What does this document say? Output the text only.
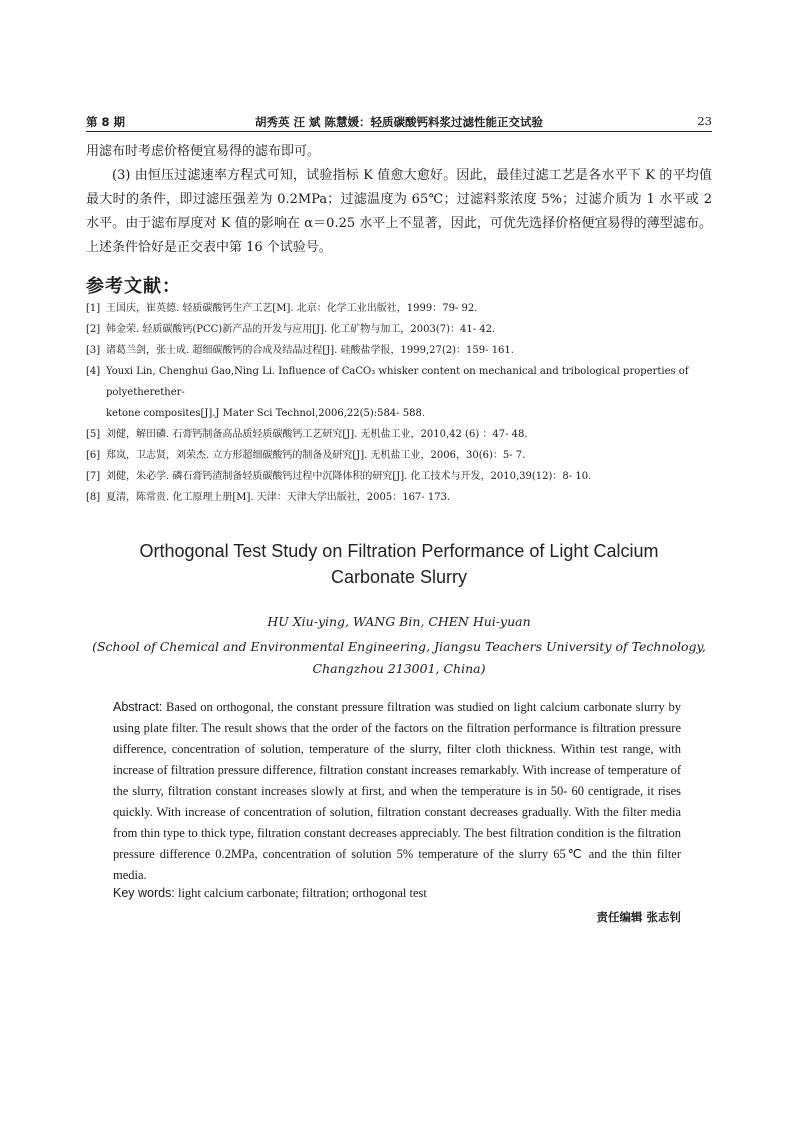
第 8 期	胡秀英 汪 斌 陈慧媛：轻质碳酸钙料浆过滤性能正交试验	23

用滤布时考虑价格便宜易得的滤布即可。

(3) 由恒压过滤速率方程式可知，试验指标 K 值愈大愈好。因此，最佳过滤工艺是各水平下 K 的平均值最大时的条件，即过滤压强差为 0.2MPa；过滤温度为 65℃；过滤料浆浓度 5%；过滤介质为 1 水平或 2 水平。由于滤布厚度对 K 值的影响在 α＝0.25 水平上不显著，因此，可优先选择价格便宜易得的薄型滤布。上述条件恰好是正交表中第 16 个试验号。

参考文献：
[1] 王国庆，崔英德. 轻质碳酸钙生产工艺[M]. 北京：化学工业出版社，1999：79- 92.
[2] 韩金荣. 轻质碳酸钙(PCC)新产品的开发与应用[J]. 化工矿物与加工，2003(7)：41- 42.
[3] 诸葛兰剑，张士成. 超细碳酸钙的合成及结晶过程[J]. 硅酸盐学报，1999,27(2)：159- 161.
[4] Youxi Lin, Chenghui Gao,Ning Li. Influence of CaCO₃ whisker content on mechanical and tribological properties of polyetherether-
ketone composites[J].J Mater Sci Technol,2006,22(5):584- 588.
[5] 刘健，解田磷. 石膏钙制备高品质轻质碳酸钙工艺研究[J]. 无机盐工业，2010,42 (6) ：47- 48.
[6] 郑岚，卫志贤，刘荣杰. 立方形超细碳酸钙的制备及研究[J]. 无机盐工业，2006，30(6)：5- 7.
[7] 刘健，朱必学. 磷石膏钙渣制备轻质碳酸钙过程中沉降体积的研究[J]. 化工技术与开发，2010,39(12)：8- 10.
[8] 夏清，陈常贵. 化工原理上册[M]. 天津：天津大学出版社，2005：167- 173.
Orthogonal Test Study on Filtration Performance of Light Calcium
Carbonate Slurry
HU Xiu-ying, WANG Bin, CHEN Hui-yuan
(School of Chemical and Environmental Engineering, Jiangsu Teachers University of Technology,
Changzhou 213001, China)
Abstract: Based on orthogonal, the constant pressure filtration was studied on light calcium carbonate slurry by using plate filter. The result shows that the order of the factors on the filtration performance is filtration pressure difference, concentration of solution, temperature of the slurry, filter cloth thickness. Within test range, with increase of filtration pressure difference, filtration constant increases remarkably. With increase of temperature of the slurry, filtration constant increases slowly at first, and when the temperature is in 50- 60 centigrade, it rises quickly. With increase of concentration of solution, filtration constant decreases gradually. With the filter media from thin type to thick type, filtration constant decreases appreciably. The best filtration condition is the filtration pressure difference 0.2MPa, concentration of solution 5% temperature of the slurry 65℃ and the thin filter media.
Key words: light calcium carbonate; filtration; orthogonal test
责任编辑 张志钊
